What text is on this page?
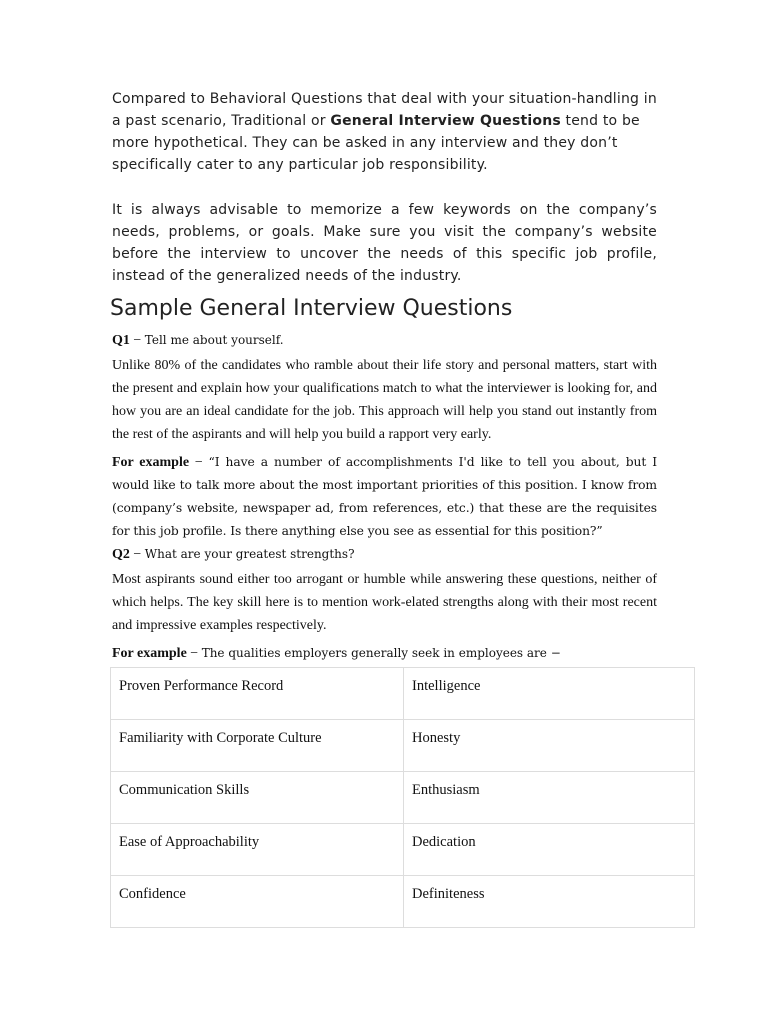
Compared to Behavioral Questions that deal with your situation-handling in a past scenario, Traditional or General Interview Questions tend to be more hypothetical. They can be asked in any interview and they don’t specifically cater to any particular job responsibility.

It is always advisable to memorize a few keywords on the company’s needs, problems, or goals. Make sure you visit the company’s website before the interview to uncover the needs of this specific job profile, instead of the generalized needs of the industry.

Sample General Interview Questions

Q1 − Tell me about yourself.

Unlike 80% of the candidates who ramble about their life story and personal matters, start with the present and explain how your qualifications match to what the interviewer is looking for, and how you are an ideal candidate for the job. This approach will help you stand out instantly from the rest of the aspirants and will help you build a rapport very early.

For example − “I have a number of accomplishments I'd like to tell you about, but I would like to talk more about the most important priorities of this position. I know from (company’s website, newspaper ad, from references, etc.) that these are the requisites for this job profile. Is there anything else you see as essential for this position?”

Q2 − What are your greatest strengths?

Most aspirants sound either too arrogant or humble while answering these questions, neither of which helps. The key skill here is to mention work-elated strengths along with their most recent and impressive examples respectively.

For example − The qualities employers generally seek in employees are −

Proven Performance Record	Intelligence

Familiarity with Corporate Culture	Honesty

Communication Skills	Enthusiasm

Ease of Approachability	Dedication

Confidence	Definiteness
